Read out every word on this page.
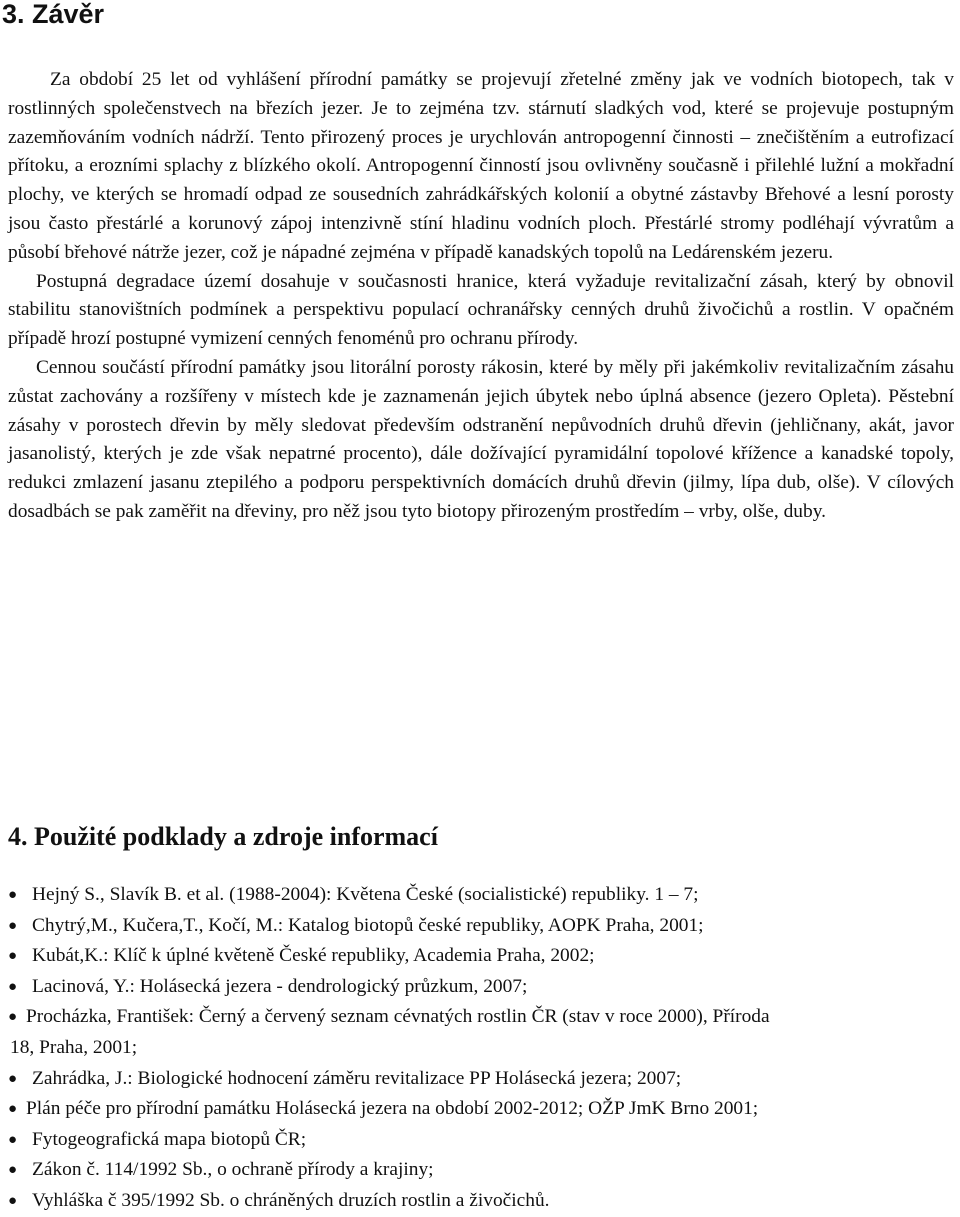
3. Závěr

Za období 25 let od vyhlášení přírodní památky se projevují zřetelné změny jak ve vodních biotopech, tak v rostlinných společenstvech na březích jezer. Je to zejména tzv. stárnutí sladkých vod, které se projevuje postupným zazemňováním vodních nádrží. Tento přirozený proces je urychlován antropogenní činnosti – znečištěním a eutrofizací přítoku, a erozními splachy z blízkého okolí. Antropogenní činností jsou ovlivněny současně i přilehlé lužní a mokřadní plochy, ve kterých se hromadí odpad ze sousedních zahrádkářských kolonií a obytné zástavby Břehové a lesní porosty jsou často přestárlé a korunový zápoj intenzivně stíní hladinu vodních ploch. Přestárlé stromy podléhají vývratům a působí břehové nátrže jezer, což je nápadné zejména v případě kanadských topolů na Ledárenském jezeru.

Postupná degradace území dosahuje v současnosti hranice, která vyžaduje revitalizační zásah, který by obnovil stabilitu stanovištních podmínek a perspektivu populací ochranářsky cenných druhů živočichů a rostlin. V opačném případě hrozí postupné vymizení cenných fenoménů pro ochranu přírody.

Cennou součástí přírodní památky jsou litorální porosty rákosin, které by měly při jakémkoliv revitalizačním zásahu zůstat zachovány a rozšířeny v místech kde je zaznamenán jejich úbytek nebo úplná absence (jezero Opleta). Pěstební zásahy v porostech dřevin by měly sledovat především odstranění nepůvodních druhů dřevin (jehličnany, akát, javor jasanolistý, kterých je zde však nepatrné procento), dále dožívající pyramidální topolové křížence a kanadské topoly, redukci zmlazení jasanu ztepilého a podporu perspektivních domácích druhů dřevin (jilmy, lípa dub, olše). V cílových dosadbách se pak zaměřit na dřeviny, pro něž jsou tyto biotopy přirozeným prostředím – vrby, olše, duby.

4. Použité podklady a zdroje informací
● Hejný S., Slavík B. et al. (1988-2004): Květena České (socialistické) republiky. 1 – 7;
● Chytrý,M., Kučera,T., Kočí, M.: Katalog biotopů české republiky, AOPK Praha, 2001;
● Kubát,K.: Klíč k úplné květeně České republiky, Academia Praha, 2002;
● Lacinová, Y.: Holásecká jezera - dendrologický průzkum, 2007;
● Procházka, František: Černý a červený seznam cévnatých rostlin ČR (stav v roce 2000), Příroda
18, Praha, 2001;
● Zahrádka, J.: Biologické hodnocení záměru revitalizace PP Holásecká jezera; 2007;
● Plán péče pro přírodní památku Holásecká jezera na období 2002-2012; OŽP JmK Brno 2001;
● Fytogeografická mapa biotopů ČR;
● Zákon č. 114/1992 Sb., o ochraně přírody a krajiny;
● Vyhláška č 395/1992 Sb. o chráněných druzích rostlin a živočichů.
